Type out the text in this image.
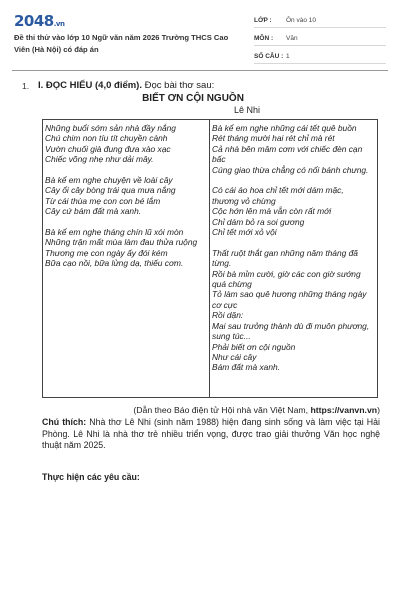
2048.vn
Đề thi thử vào lớp 10 Ngữ văn năm 2026 Trường THCS Cao Viên (Hà Nội) có đáp án
LỚP :	Ôn vào 10
MÔN :	Văn
SỐ CÂU : 1
1. I. ĐỌC HIỂU (4,0 điểm). Đọc bài thơ sau:
BIẾT ƠN CỘI NGUỒN
Lê Nhi
Những buổi sớm sản nhà đầy nắng
Chú chim non tíu tít chuyền cành
Vườn chuối già đung đưa xào xạc
Chiếc võng nhẹ như dải mây.
Bà kể em nghe chuyện về loài cây
Cây ổi cây bòng trái qua mưa nắng
Từ cái thùa mẹ con con bé lắm
Cây cứ bám đất mà xanh.
Bà kể em nghe tháng chín lũ xói mòn
Những trận mất mùa làm đau thửa ruộng
Thương mẹ con ngày ấy đói kém
Bữa cạo nồi, bữa lửng dạ, thiếu cơm.
Bà kể em nghe những cái tết quê buồn
Rét tháng mười hai rét chỉ mà rét
Cả nhà bên mâm cơm với chiếc đèn cạn bấc
Cúng giao thừa chẳng có nổi bánh chưng.
Có cái áo hoa chỉ tết mới dám mặc,
thương vỏ chừng
Cộc hớn lên mà vẫn còn rất mới
Chỉ dám bỏ ra soi gương
Chỉ tết mới xỏ vội
Thất ruột thắt gan những năm tháng đã từng.
Rồi bà mỉm cười, giờ các con giờ sướng quá chừng
Tỏ làm sao quê hương những tháng ngày cơ cực
Rồi dặn:
Mai sau trưởng thành dù đi muôn phương, sung túc...
Phải biết ơn cội nguồn
Như cái cây
Bám đất mà xanh.
(Dẫn theo Báo điện tử Hội nhà văn Việt Nam, https://vanvn.vn)
Chú thích: Nhà thơ Lê Nhi (sinh năm 1988) hiện đang sinh sống và làm việc tại Hải Phòng. Lê Nhi là nhà thơ trẻ nhiều triển vọng, được trao giải thưởng Văn học nghệ thuật năm 2025.
Thực hiện các yêu cầu:
